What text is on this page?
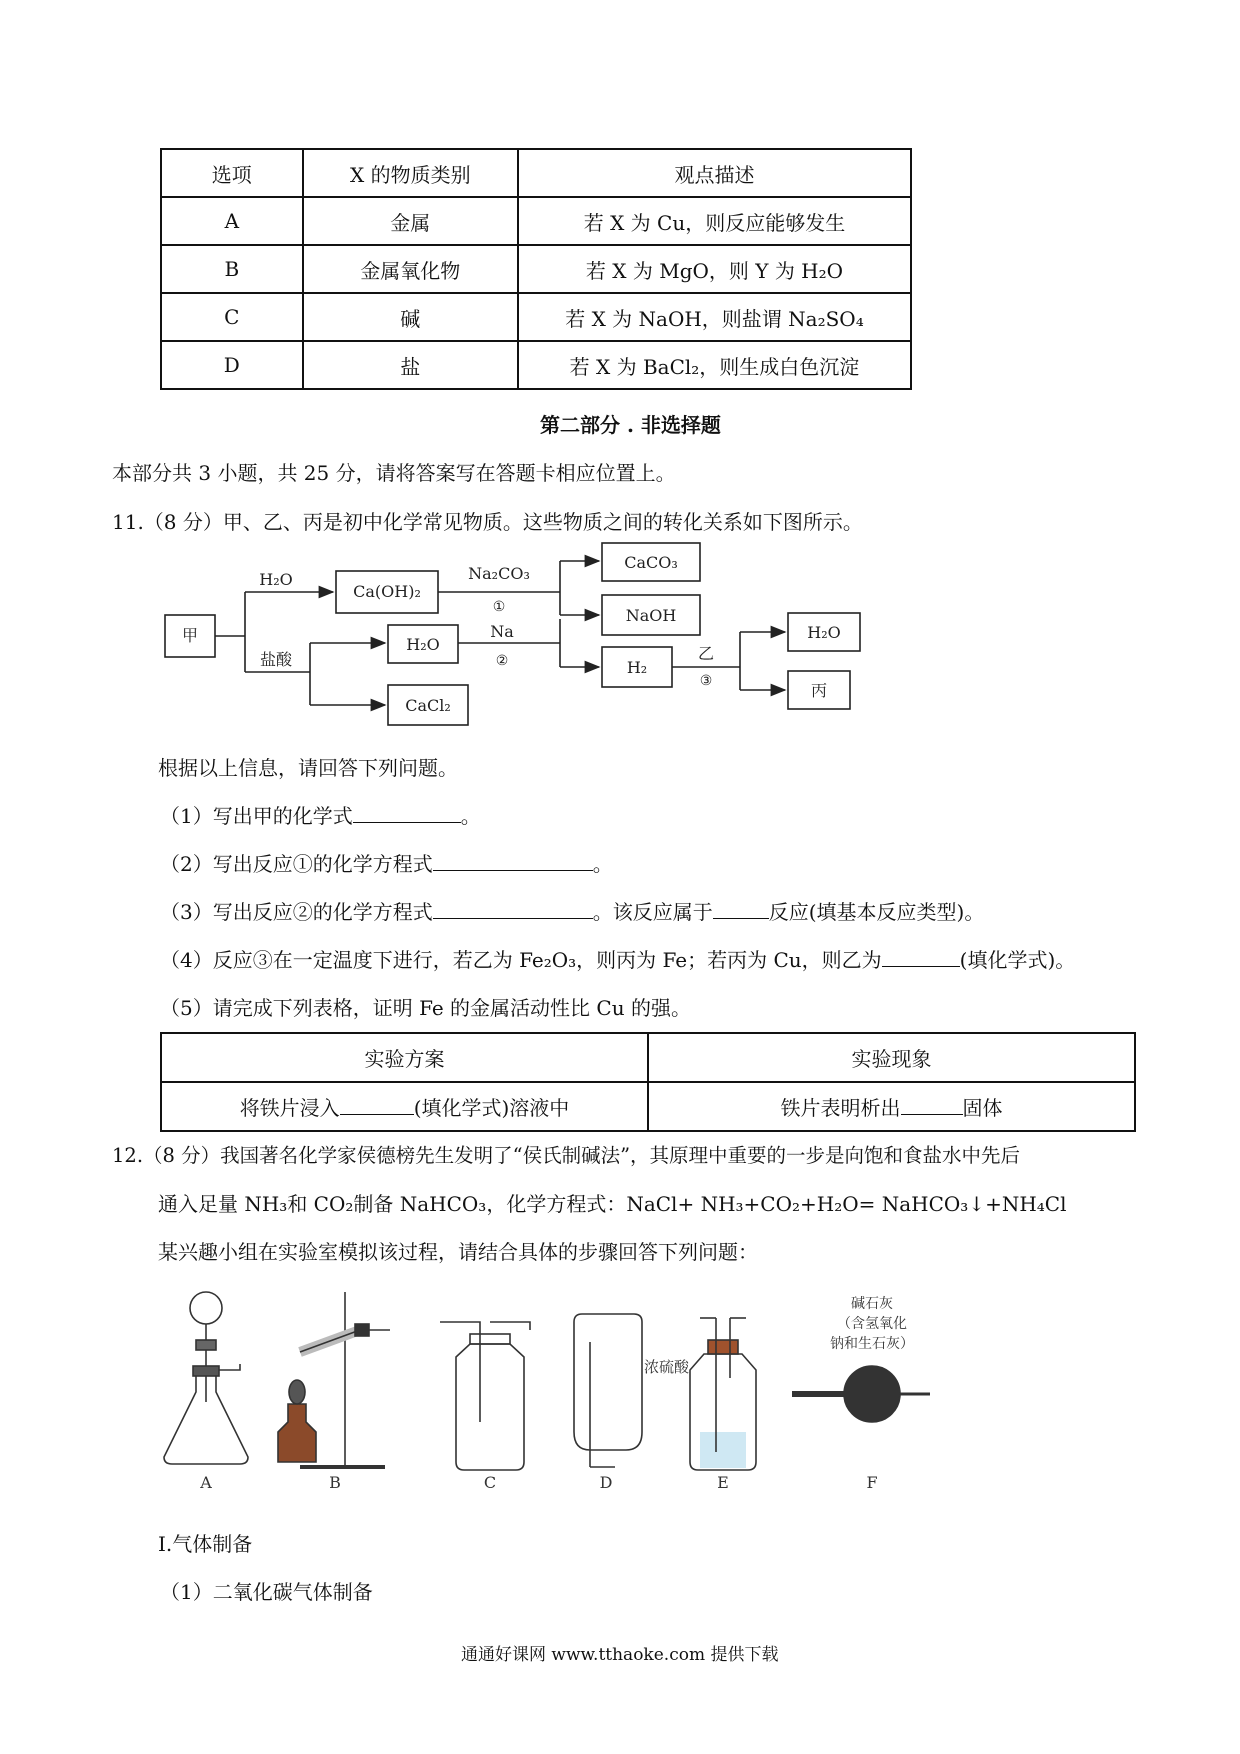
选项	X 的物质类别	观点描述
A	金属	若 X 为 Cu，则反应能够发生
B	金属氧化物	若 X 为 MgO，则 Y 为 H₂O
C	碱	若 X 为 NaOH，则盐谓 Na₂SO₄
D	盐	若 X 为 BaCl₂，则生成白色沉淀
第二部分 . 非选择题
本部分共 3 小题，共 25 分，请将答案写在答题卡相应位置上。
11.（8 分）甲、乙、丙是初中化学常见物质。这些物质之间的转化关系如下图所示。
甲
H₂O
Ca(OH)₂
Na₂CO₃
①
CaCO₃
NaOH
盐酸
H₂O
Na
②	H₂
乙
③
H₂O
丙
CaCl₂
根据以上信息，请回答下列问题。
（1）写出甲的化学式	。
（2）写出反应①的化学方程式	。
（3）写出反应②的化学方程式	。该反应属于	反应(填基本反应类型)。
（4）反应③在一定温度下进行，若乙为 Fe₂O₃，则丙为 Fe；若丙为 Cu，则乙为	(填化学式)。
（5）请完成下列表格，证明 Fe 的金属活动性比 Cu 的强。
实验方案	实验现象
将铁片浸入 (填化学式)溶液中	铁片表明析出 固体
12.（8 分）我国著名化学家侯德榜先生发明了“侯氏制碱法”，其原理中重要的一步是向饱和食盐水中先后
通入足量 NH₃和 CO₂制备 NaHCO₃，化学方程式：NaCl+ NH₃+CO₂+H₂O= NaHCO₃↓+NH₄Cl
某兴趣小组在实验室模拟该过程，请结合具体的步骤回答下列问题：
A	B	C	D	E	F
浓硫酸
碱石灰
（含氢氧化
钠和生石灰）
I.气体制备
（1）二氧化碳气体制备
通通好课网 www.tthaoke.com 提供下载
